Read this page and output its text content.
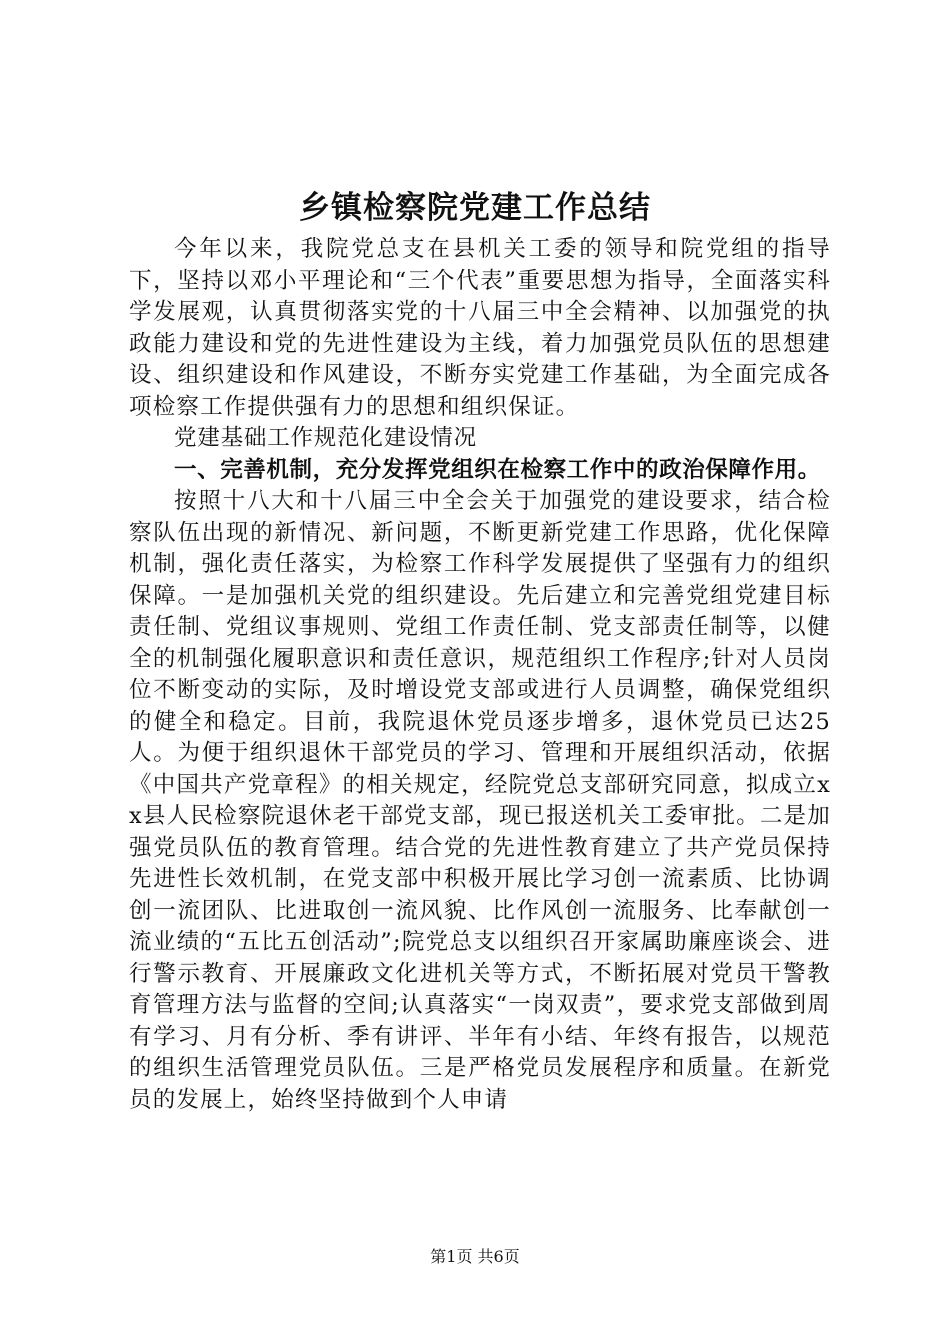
乡镇检察院党建工作总结

今年以来，我院党总支在县机关工委的领导和院党组的指导下，坚持以邓小平理论和“三个代表”重要思想为指导，全面落实科学发展观，认真贯彻落实党的十八届三中全会精神、以加强党的执政能力建设和党的先进性建设为主线，着力加强党员队伍的思想建设、组织建设和作风建设，不断夯实党建工作基础，为全面完成各项检察工作提供强有力的思想和组织保证。

党建基础工作规范化建设情况

一、完善机制，充分发挥党组织在检察工作中的政治保障作用。

按照十八大和十八届三中全会关于加强党的建设要求，结合检察队伍出现的新情况、新问题，不断更新党建工作思路，优化保障机制，强化责任落实，为检察工作科学发展提供了坚强有力的组织保障。一是加强机关党的组织建设。先后建立和完善党组党建目标责任制、党组议事规则、党组工作责任制、党支部责任制等，以健全的机制强化履职意识和责任意识，规范组织工作程序;针对人员岗位不断变动的实际，及时增设党支部或进行人员调整，确保党组织的健全和稳定。目前，我院退休党员逐步增多，退休党员已达25人。为便于组织退休干部党员的学习、管理和开展组织活动，依据《中国共产党章程》的相关规定，经院党总支部研究同意，拟成立xx县人民检察院退休老干部党支部，现已报送机关工委审批。二是加强党员队伍的教育管理。结合党的先进性教育建立了共产党员保持先进性长效机制，在党支部中积极开展比学习创一流素质、比协调创一流团队、比进取创一流风貌、比作风创一流服务、比奉献创一流业绩的“五比五创活动”;院党总支以组织召开家属助廉座谈会、进行警示教育、开展廉政文化进机关等方式，不断拓展对党员干警教育管理方法与监督的空间;认真落实“一岗双责”，要求党支部做到周有学习、月有分析、季有讲评、半年有小结、年终有报告，以规范的组织生活管理党员队伍。三是严格党员发展程序和质量。在新党员的发展上，始终坚持做到个人申请

第1页 共6页
